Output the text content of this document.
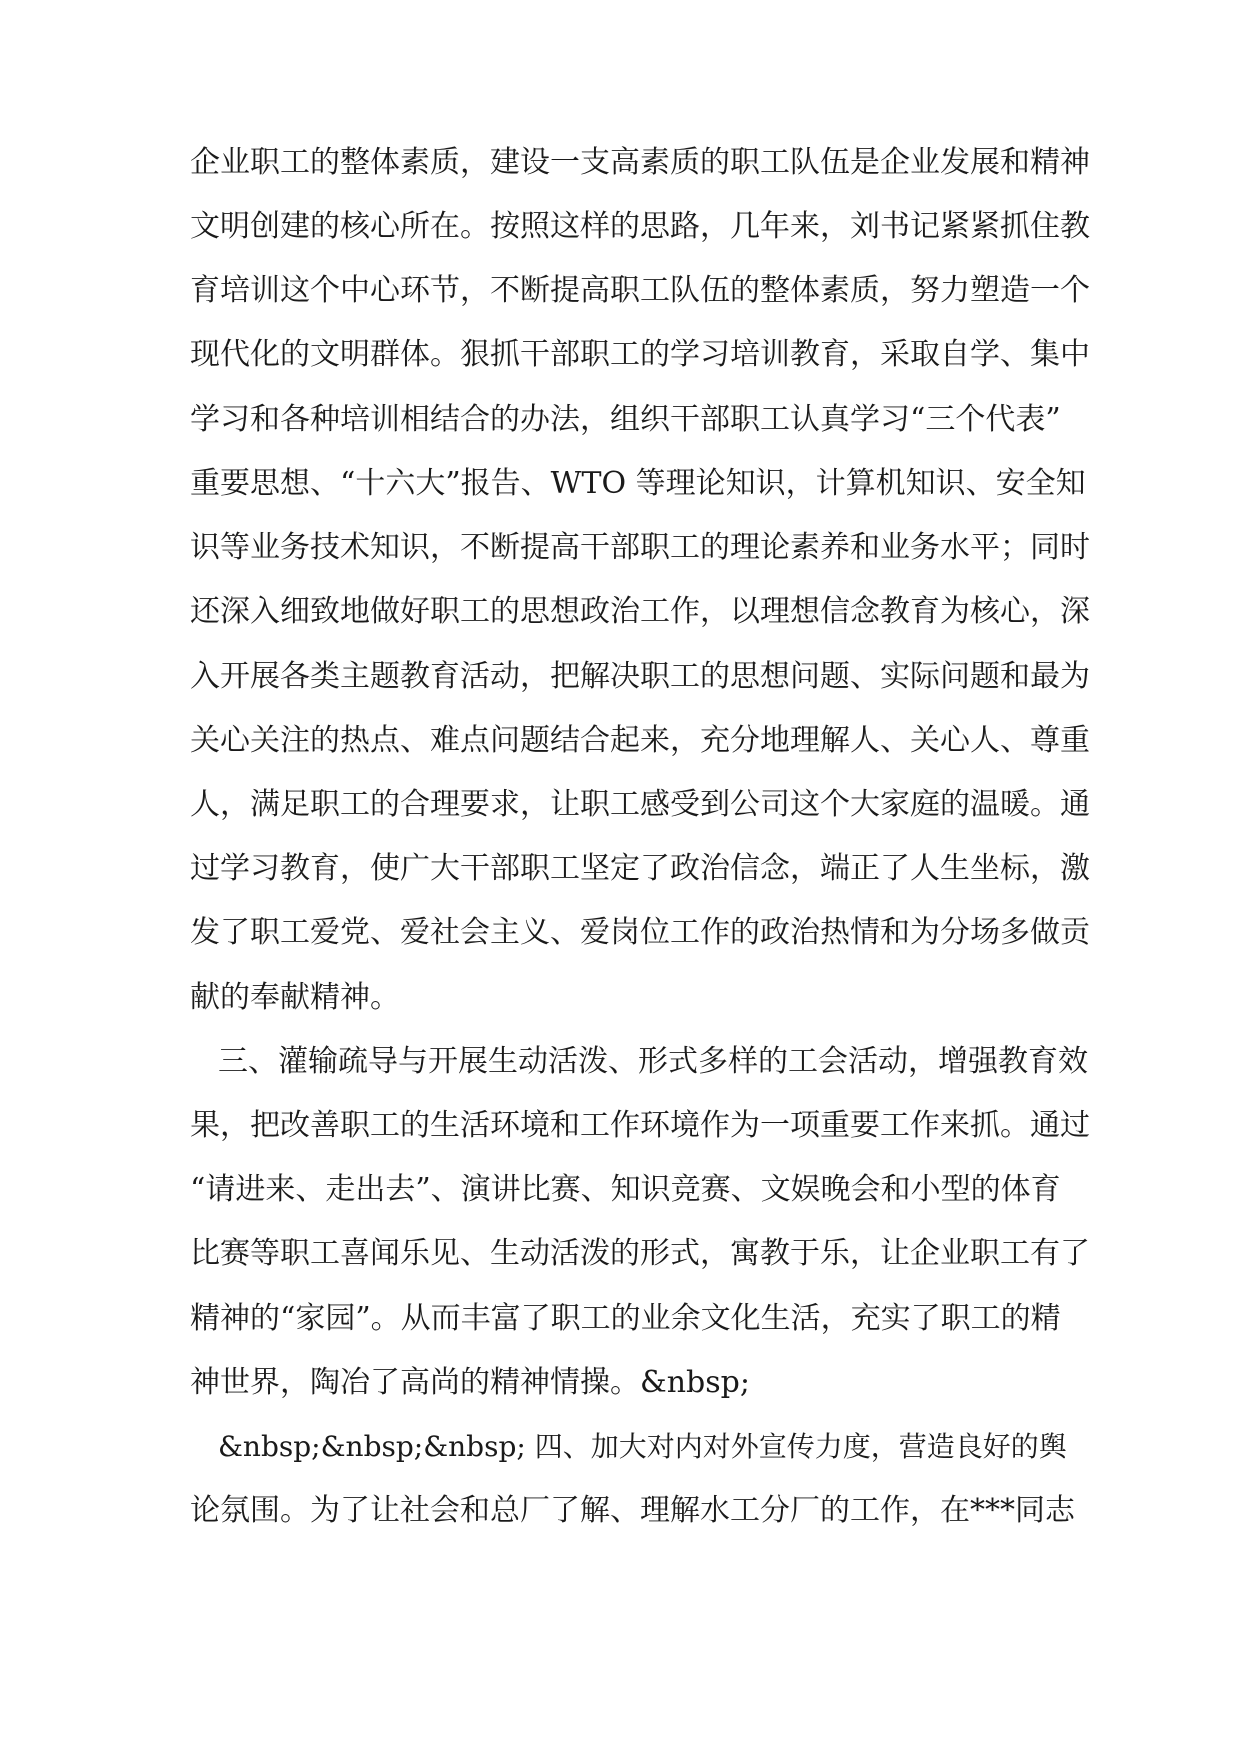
企业职工的整体素质，建设一支高素质的职工队伍是企业发展和精神
文明创建的核心所在。按照这样的思路，几年来，刘书记紧紧抓住教
育培训这个中心环节，不断提高职工队伍的整体素质，努力塑造一个
现代化的文明群体。狠抓干部职工的学习培训教育，采取自学、集中
学习和各种培训相结合的办法，组织干部职工认真学习“三个代表”
重要思想、“十六大”报告、WTO 等理论知识，计算机知识、安全知
识等业务技术知识，不断提高干部职工的理论素养和业务水平；同时
还深入细致地做好职工的思想政治工作，以理想信念教育为核心，深
入开展各类主题教育活动，把解决职工的思想问题、实际问题和最为
关心关注的热点、难点问题结合起来，充分地理解人、关心人、尊重
人，满足职工的合理要求，让职工感受到公司这个大家庭的温暖。通
过学习教育，使广大干部职工坚定了政治信念，端正了人生坐标，激
发了职工爱党、爱社会主义、爱岗位工作的政治热情和为分场多做贡
献的奉献精神。
三、灌输疏导与开展生动活泼、形式多样的工会活动，增强教育效
果，把改善职工的生活环境和工作环境作为一项重要工作来抓。通过
“请进来、走出去”、演讲比赛、知识竞赛、文娱晚会和小型的体育
比赛等职工喜闻乐见、生动活泼的形式，寓教于乐，让企业职工有了
精神的“家园”。从而丰富了职工的业余文化生活，充实了职工的精
神世界，陶冶了高尚的精神情操。&nbsp;
&nbsp;&nbsp;&nbsp; 四、加大对内对外宣传力度，营造良好的舆
论氛围。为了让社会和总厂了解、理解水工分厂的工作，在***同志
